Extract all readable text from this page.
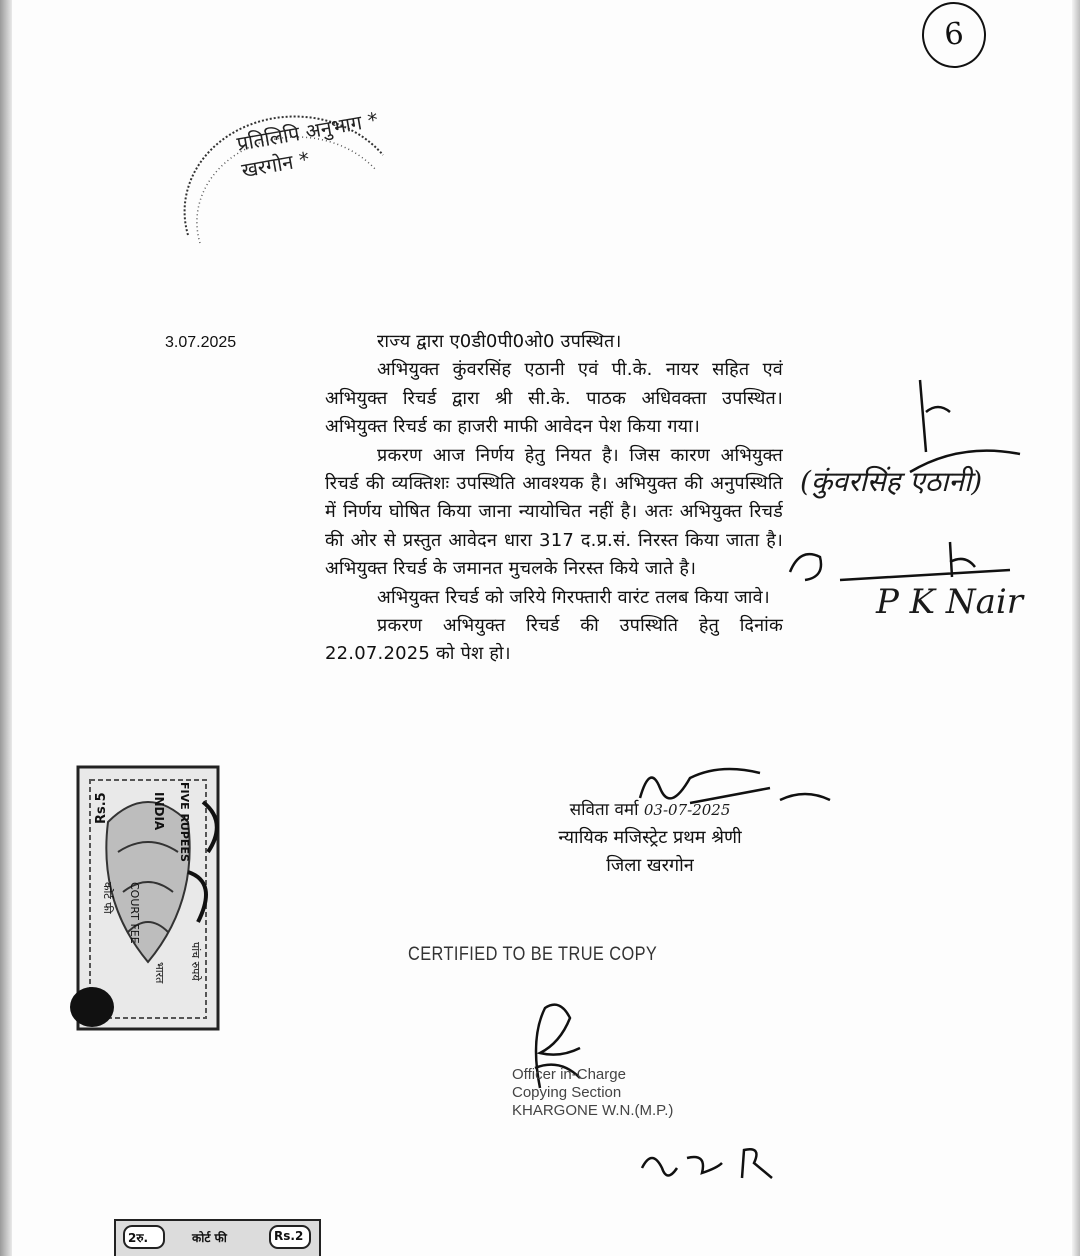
6
प्रतिलिपि अनुभाग * खरगोन *
3.07.2025	राज्य द्वारा ए0डी0पी0ओ0 उपस्थित।

अभियुक्त कुंवरसिंह एठानी एवं पी.के. नायर सहित एवं अभियुक्त रिचर्ड द्वारा श्री सी.के. पाठक अधिवक्ता उपस्थित। अभियुक्त रिचर्ड का हाजरी माफी आवेदन पेश किया गया।

प्रकरण आज निर्णय हेतु नियत है। जिस कारण अभियुक्त रिचर्ड की व्यक्तिशः उपस्थिति आवश्यक है। अभियुक्त की अनुपस्थिति में निर्णय घोषित किया जाना न्यायोचित नहीं है। अतः अभियुक्त रिचर्ड की ओर से प्रस्तुत आवेदन धारा 317 द.प्र.सं. निरस्त किया जाता है। अभियुक्त रिचर्ड के जमानत मुचलके निरस्त किये जाते है।

अभियुक्त रिचर्ड को जरिये गिरफ्तारी वारंट तलब किया जावे।

प्रकरण अभियुक्त रिचर्ड की उपस्थिति हेतु दिनांक 22.07.2025 को पेश हो।

(कुंवरसिंह एठानी)
P K Nair
सविता वर्मा 03-07-2025
न्यायिक मजिस्ट्रेट प्रथम श्रेणी
जिला खरगोन
CERTIFIED TO BE TRUE COPY
Officer in-Charge
Copying Section
KHARGONE W.N.(M.P.)
Rs.5	INDIA FIVE RUPEES
COURT FEE
कोर्ट फी
भारत पांच रुपये
2रु.	कोर्ट फी	Rs.2
